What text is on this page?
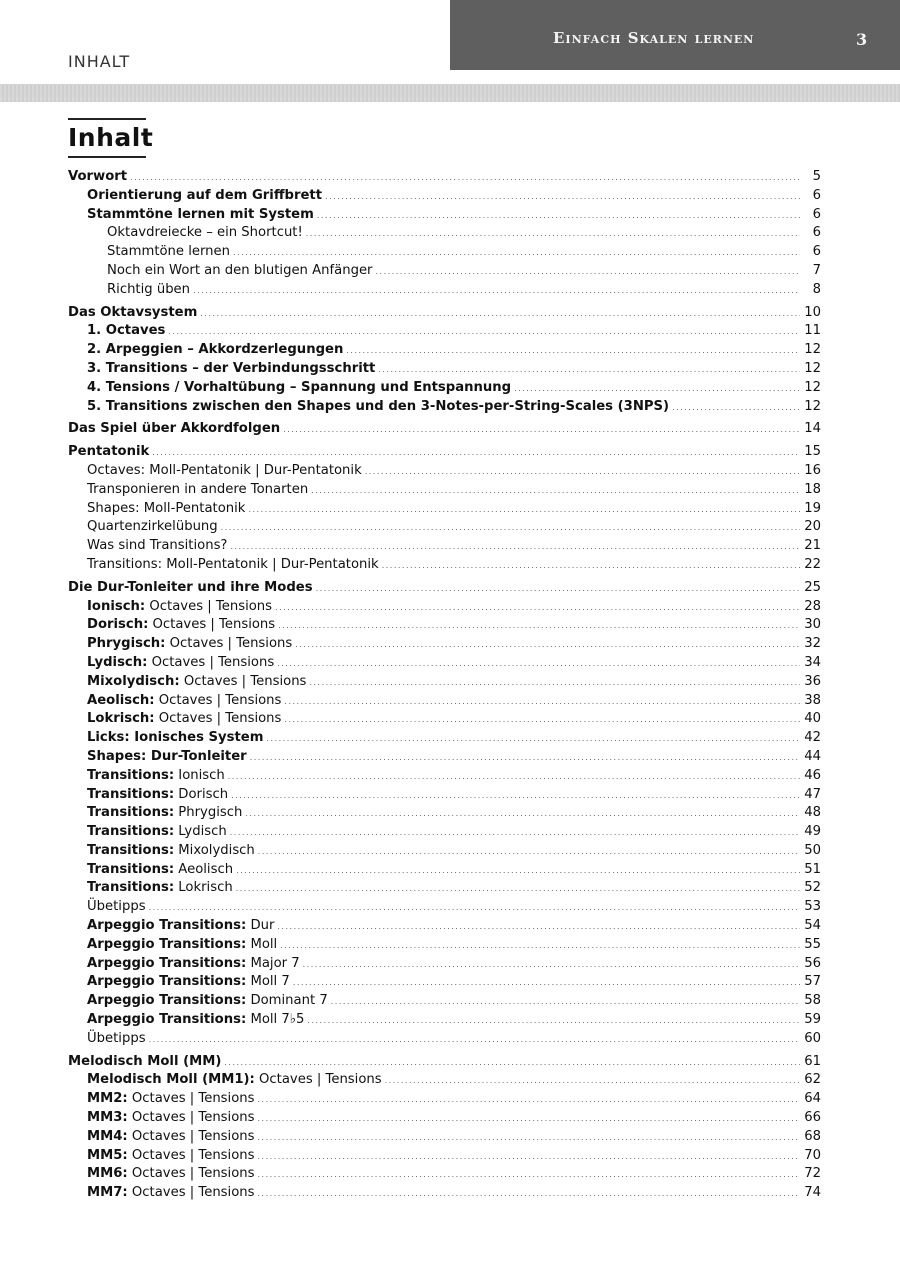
INHALT
Einfach Skalen lernen	3
Inhalt
Vorwort .....	5
Orientierung auf dem Griffbrett .....	6
Stammtöne lernen mit System .....	6
Oktavdreiecke – ein Shortcut! .....	6
Stammtöne lernen .....	6
Noch ein Wort an den blutigen Anfänger .....	7
Richtig üben .....	8
Das Oktavsystem .....	10
1. Octaves .....	11
2. Arpeggien – Akkordzerlegungen .....	12
3. Transitions – der Verbindungsschritt .....	12
4. Tensions / Vorhaltübung – Spannung und Entspannung .....	12
5. Transitions zwischen den Shapes und den 3-Notes-per-String-Scales (3NPS) .....	12
Das Spiel über Akkordfolgen .....	14
Pentatonik .....	15
Octaves: Moll-Pentatonik | Dur-Pentatonik .....	16
Transponieren in andere Tonarten .....	18
Shapes: Moll-Pentatonik .....	19
Quartenzirkelübung .....	20
Was sind Transitions? .....	21
Transitions: Moll-Pentatonik | Dur-Pentatonik .....	22
Die Dur-Tonleiter und ihre Modes .....	25
Ionisch: Octaves | Tensions .....	28
Dorisch: Octaves | Tensions .....	30
Phrygisch: Octaves | Tensions .....	32
Lydisch: Octaves | Tensions .....	34
Mixolydisch: Octaves | Tensions .....	36
Aeolisch: Octaves | Tensions .....	38
Lokrisch: Octaves | Tensions .....	40
Licks: Ionisches System .....	42
Shapes: Dur-Tonleiter .....	44
Transitions: Ionisch .....	46
Transitions: Dorisch .....	47
Transitions: Phrygisch .....	48
Transitions: Lydisch .....	49
Transitions: Mixolydisch .....	50
Transitions: Aeolisch .....	51
Transitions: Lokrisch .....	52
Übetipps .....	53
Arpeggio Transitions: Dur .....	54
Arpeggio Transitions: Moll .....	55
Arpeggio Transitions: Major 7 .....	56
Arpeggio Transitions: Moll 7 .....	57
Arpeggio Transitions: Dominant 7 .....	58
Arpeggio Transitions: Moll 7♭5 .....	59
Übetipps .....	60
Melodisch Moll (MM) .....	61
Melodisch Moll (MM1): Octaves | Tensions .....	62
MM2: Octaves | Tensions .....	64
MM3: Octaves | Tensions .....	66
MM4: Octaves | Tensions .....	68
MM5: Octaves | Tensions .....	70
MM6: Octaves | Tensions .....	72
MM7: Octaves | Tensions .....	74
